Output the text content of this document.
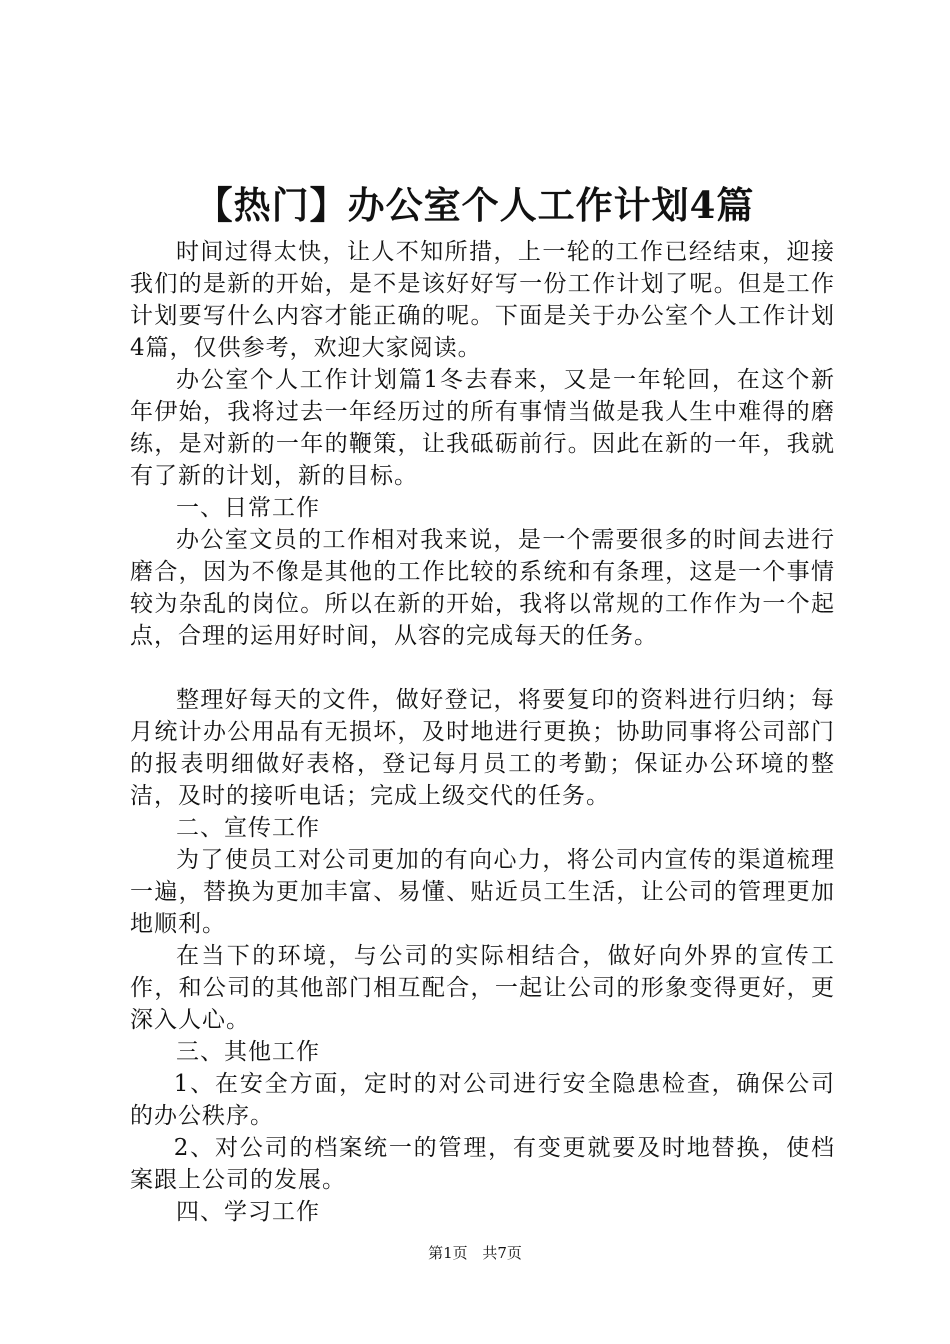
【热门】办公室个人工作计划4篇

时间过得太快，让人不知所措，上一轮的工作已经结束，迎接我们的是新的开始，是不是该好好写一份工作计划了呢。但是工作计划要写什么内容才能正确的呢。下面是关于办公室个人工作计划4篇，仅供参考，欢迎大家阅读。

办公室个人工作计划篇1冬去春来，又是一年轮回，在这个新年伊始，我将过去一年经历过的所有事情当做是我人生中难得的磨练，是对新的一年的鞭策，让我砥砺前行。因此在新的一年，我就有了新的计划，新的目标。

一、日常工作

办公室文员的工作相对我来说，是一个需要很多的时间去进行磨合，因为不像是其他的工作比较的系统和有条理，这是一个事情较为杂乱的岗位。所以在新的开始，我将以常规的工作作为一个起点，合理的运用好时间，从容的完成每天的任务。

整理好每天的文件，做好登记，将要复印的资料进行归纳；每月统计办公用品有无损坏，及时地进行更换；协助同事将公司部门的报表明细做好表格，登记每月员工的考勤；保证办公环境的整洁，及时的接听电话；完成上级交代的任务。

二、宣传工作

为了使员工对公司更加的有向心力，将公司内宣传的渠道梳理一遍，替换为更加丰富、易懂、贴近员工生活，让公司的管理更加地顺利。

在当下的环境，与公司的实际相结合，做好向外界的宣传工作，和公司的其他部门相互配合，一起让公司的形象变得更好，更深入人心。

三、其他工作

1、在安全方面，定时的对公司进行安全隐患检查，确保公司的办公秩序。

2、对公司的档案统一的管理，有变更就要及时地替换，使档案跟上公司的发展。

四、学习工作

第1页 共7页
